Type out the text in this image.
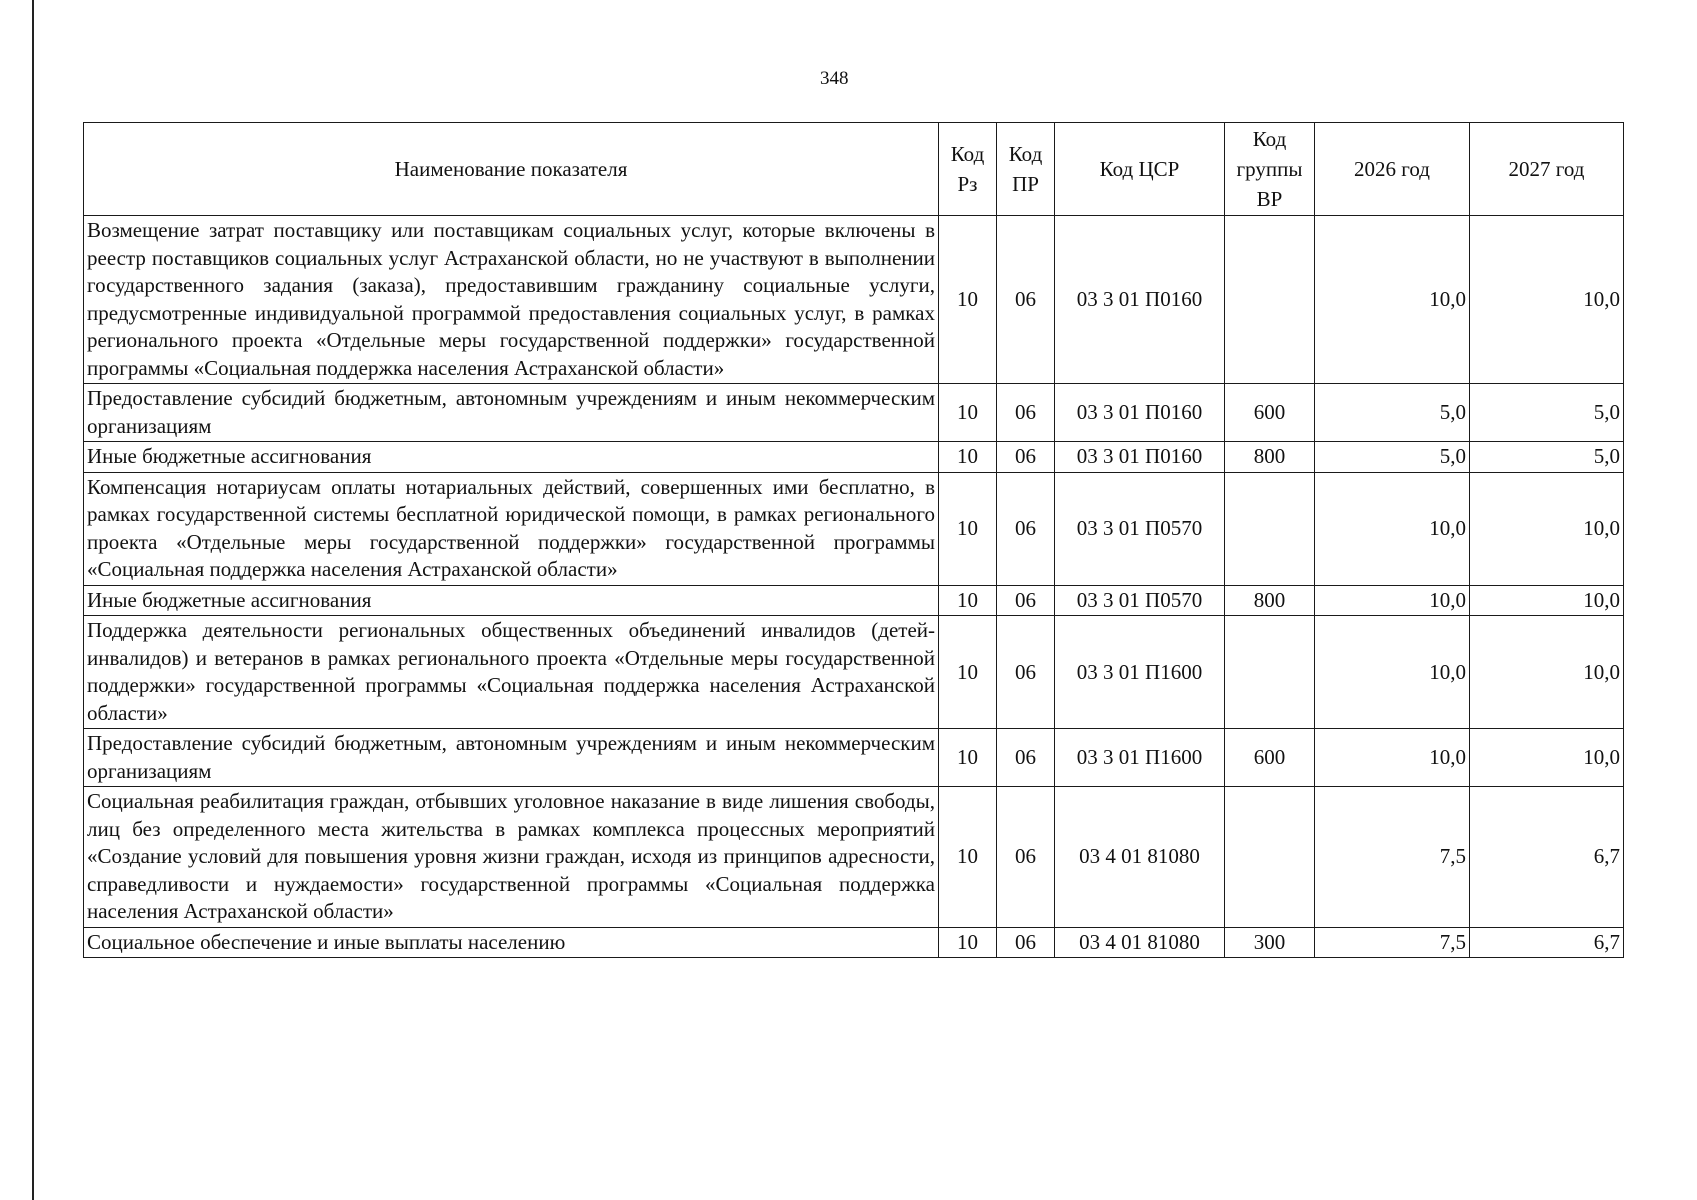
348
Наименование показателя	Код Рз	Код ПР	Код ЦСР	Код группы ВР	2026 год	2027 год
Возмещение затрат поставщику или поставщикам социальных услуг, которые включены в реестр поставщиков социальных услуг Астраханской области, но не участвуют в выполнении государственного задания (заказа), предоставившим гражданину социальные услуги, предусмотренные индивидуальной программой предоставления социальных услуг, в рамках регионального проекта «Отдельные меры государственной поддержки» государственной программы «Социальная поддержка населения Астраханской области»	10	06	03 3 01 П0160		10,0	10,0
Предоставление субсидий бюджетным, автономным учреждениям и иным некоммерческим организациям	10	06	03 3 01 П0160	600	5,0	5,0
Иные бюджетные ассигнования	10	06	03 3 01 П0160	800	5,0	5,0
Компенсация нотариусам оплаты нотариальных действий, совершенных ими бесплатно, в рамках государственной системы бесплатной юридической помощи, в рамках регионального проекта «Отдельные меры государственной поддержки» государственной программы «Социальная поддержка населения Астраханской области»	10	06	03 3 01 П0570		10,0	10,0
Иные бюджетные ассигнования	10	06	03 3 01 П0570	800	10,0	10,0
Поддержка деятельности региональных общественных объединений инвалидов (детей-инвалидов) и ветеранов в рамках регионального проекта «Отдельные меры государственной поддержки» государственной программы «Социальная поддержка населения Астраханской области»	10	06	03 3 01 П1600		10,0	10,0
Предоставление субсидий бюджетным, автономным учреждениям и иным некоммерческим организациям	10	06	03 3 01 П1600	600	10,0	10,0
Социальная реабилитация граждан, отбывших уголовное наказание в виде лишения свободы, лиц без определенного места жительства в рамках комплекса процессных мероприятий «Создание условий для повышения уровня жизни граждан, исходя из принципов адресности, справедливости и нуждаемости» государственной программы «Социальная поддержка населения Астраханской области»	10	06	03 4 01 81080		7,5	6,7
Социальное обеспечение и иные выплаты населению	10	06	03 4 01 81080	300	7,5	6,7
